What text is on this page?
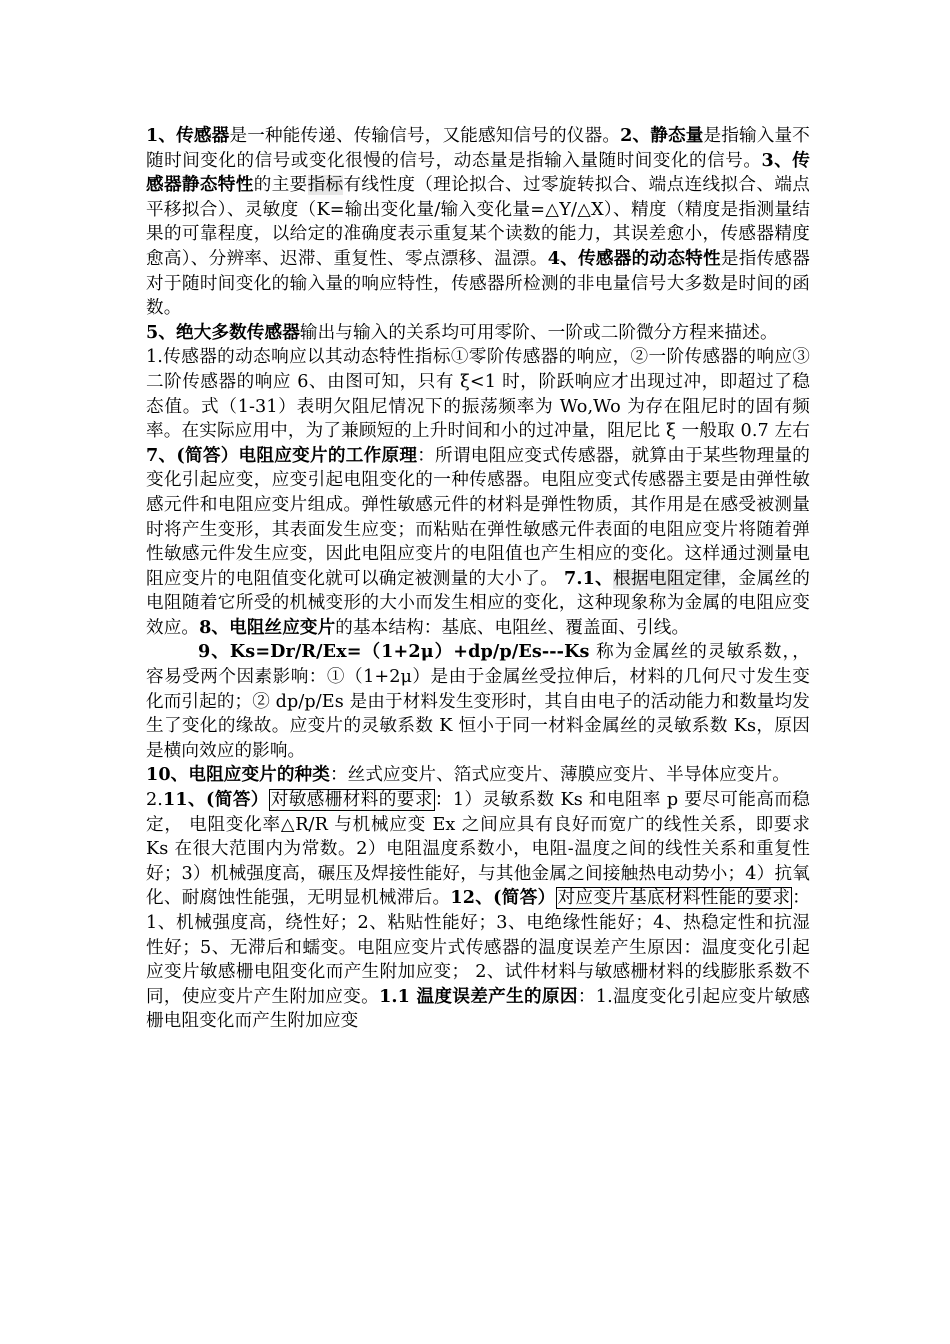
1、传感器是一种能传递、传输信号，又能感知信号的仪器。2、静态量是指输入量不随时间变化的信号或变化很慢的信号，动态量是指输入量随时间变化的信号。3、传感器静态特性的主要指标有线性度（理论拟合、过零旋转拟合、端点连线拟合、端点平移拟合）、灵敏度（K=输出变化量/输入变化量=△Y/△X）、精度（精度是指测量结果的可靠程度，以给定的准确度表示重复某个读数的能力，其误差愈小，传感器精度愈高）、分辨率、迟滞、重复性、零点漂移、温漂。4、传感器的动态特性是指传感器对于随时间变化的输入量的响应特性，传感器所检测的非电量信号大多数是时间的函数。

5、绝大多数传感器输出与输入的关系均可用零阶、一阶或二阶微分方程来描述。

1.传感器的动态响应以其动态特性指标①零阶传感器的响应，②一阶传感器的响应③二阶传感器的响应 6、由图可知，只有 ξ<1 时，阶跃响应才出现过冲，即超过了稳态值。式（1-31）表明欠阻尼情况下的振荡频率为 Wo,Wo 为存在阻尼时的固有频率。在实际应用中，为了兼顾短的上升时间和小的过冲量，阻尼比 ξ 一般取 0.7 左右 7、(简答）电阻应变片的工作原理：所谓电阻应变式传感器，就算由于某些物理量的变化引起应变，应变引起电阻变化的一种传感器。电阻应变式传感器主要是由弹性敏感元件和电阻应变片组成。弹性敏感元件的材料是弹性物质，其作用是在感受被测量时将产生变形，其表面发生应变；而粘贴在弹性敏感元件表面的电阻应变片将随着弹性敏感元件发生应变，因此电阻应变片的电阻值也产生相应的变化。这样通过测量电阻应变片的电阻值变化就可以确定被测量的大小了。 7.1、根据电阻定律，金属丝的电阻随着它所受的机械变形的大小而发生相应的变化，这种现象称为金属的电阻应变效应。8、电阻丝应变片的基本结构：基底、电阻丝、覆盖面、引线。

9、Ks=Dr/R/Ex=（1+2μ）+dp/p/Es---Ks 称为金属丝的灵敏系数，，容易受两个因素影响：①（1+2μ）是由于金属丝受拉伸后，材料的几何尺寸发生变化而引起的；② dp/p/Es 是由于材料发生变形时，其自由电子的活动能力和数量均发生了变化的缘故。应变片的灵敏系数 K 恒小于同一材料金属丝的灵敏系数 Ks，原因是横向效应的影响。

10、电阻应变片的种类：丝式应变片、箔式应变片、薄膜应变片、半导体应变片。

2.11、(简答） 对敏感栅材料的要求 ：1）灵敏系数 Ks 和电阻率 p 要尽可能高而稳定， 电阻变化率△R/R 与机械应变 Ex 之间应具有良好而宽广的线性关系，即要求 Ks 在很大范围内为常数。2）电阻温度系数小，电阻-温度之间的线性关系和重复性好；3）机械强度高，碾压及焊接性能好，与其他金属之间接触热电动势小；4）抗氧化、耐腐蚀性能强，无明显机械滞后。12、(简答） 对应变片基底材料性能的要求 ：1、机械强度高，绕性好；2、粘贴性能好；3、电绝缘性能好；4、热稳定性和抗湿性好；5、无滞后和蠕变。电阻应变片式传感器的温度误差产生原因：温度变化引起应变片敏感栅电阻变化而产生附加应变； 2、试件材料与敏感栅材料的线膨胀系数不同，使应变片产生附加应变。1.1 温度误差产生的原因：1.温度变化引起应变片敏感栅电阻变化而产生附加应变
